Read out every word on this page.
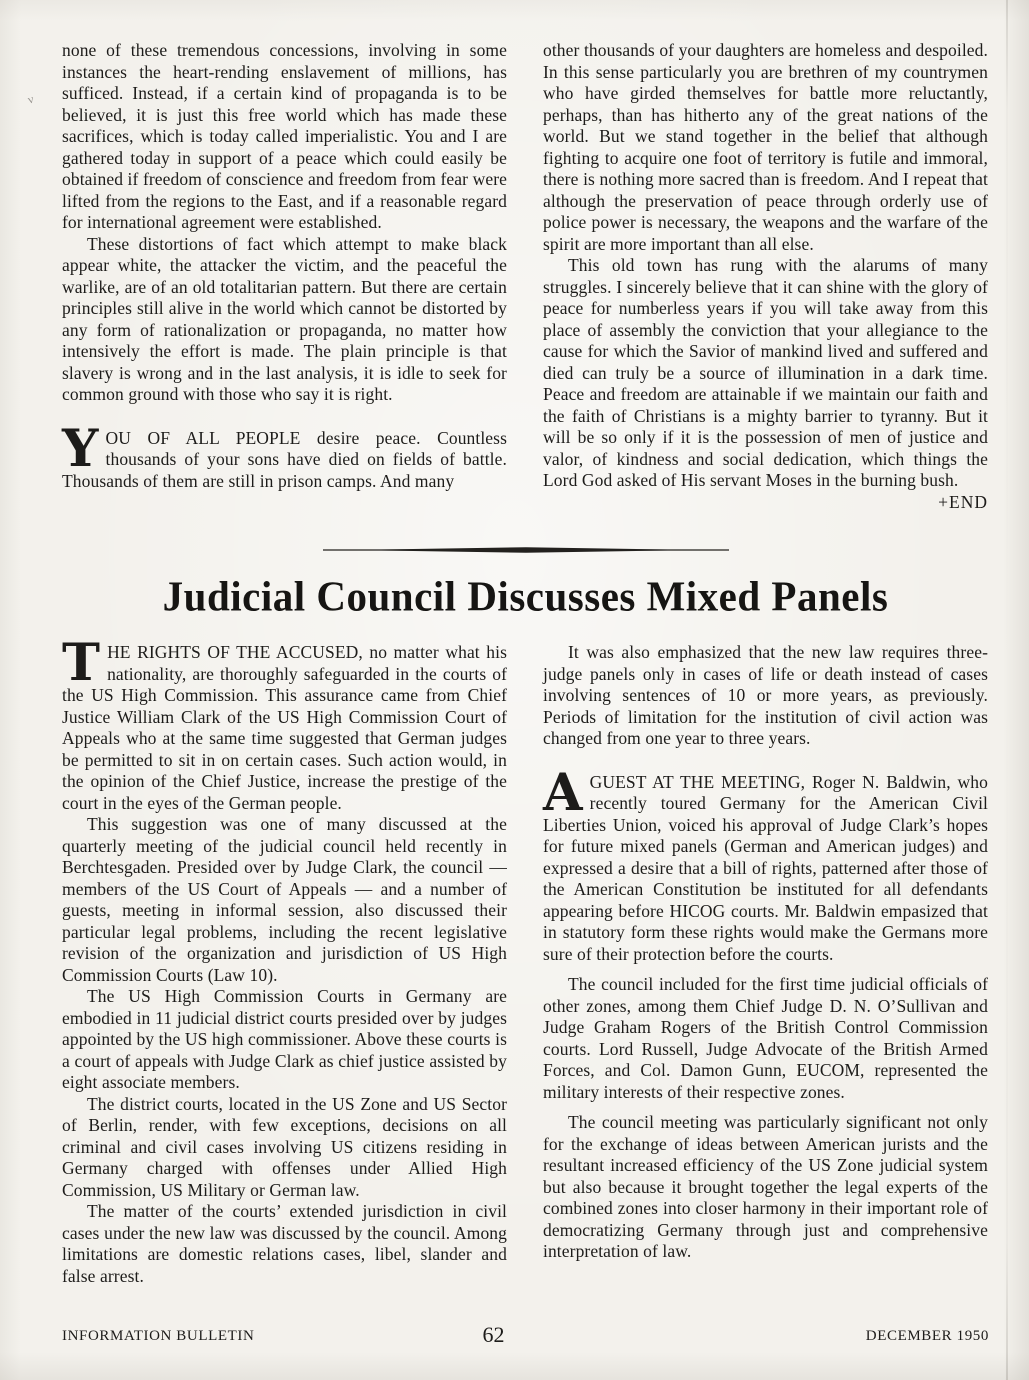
ν

none of these tremendous concessions, involving in some instances the heart-rending enslavement of millions, has sufficed. Instead, if a certain kind of propaganda is to be believed, it is just this free world which has made these sacrifices, which is today called imperialistic. You and I are gathered today in support of a peace which could easily be obtained if freedom of conscience and freedom from fear were lifted from the regions to the East, and if a reasonable regard for international agreement were established.

These distortions of fact which attempt to make black appear white, the attacker the victim, and the peaceful the warlike, are of an old totalitarian pattern. But there are certain principles still alive in the world which cannot be distorted by any form of rationalization or propaganda, no matter how intensively the effort is made. The plain principle is that slavery is wrong and in the last analysis, it is idle to seek for common ground with those who say it is right.

YOU OF ALL PEOPLE desire peace. Countless thousands of your sons have died on fields of battle. Thousands of them are still in prison camps. And many

other thousands of your daughters are homeless and despoiled. In this sense particularly you are brethren of my countrymen who have girded themselves for battle more reluctantly, perhaps, than has hitherto any of the great nations of the world. But we stand together in the belief that although fighting to acquire one foot of territory is futile and immoral, there is nothing more sacred than is freedom. And I repeat that although the preservation of peace through orderly use of police power is necessary, the weapons and the warfare of the spirit are more important than all else.

This old town has rung with the alarums of many struggles. I sincerely believe that it can shine with the glory of peace for numberless years if you will take away from this place of assembly the conviction that your allegiance to the cause for which the Savior of mankind lived and suffered and died can truly be a source of illumination in a dark time. Peace and freedom are attainable if we maintain our faith and the faith of Christians is a mighty barrier to tyranny. But it will be so only if it is the possession of men of justice and valor, of kindness and social dedication, which things the Lord God asked of His servant Moses in the burning bush.
+END

Judicial Council Discusses Mixed Panels

THE RIGHTS OF THE ACCUSED, no matter what his nationality, are thoroughly safeguarded in the courts of the US High Commission. This assurance came from Chief Justice William Clark of the US High Commission Court of Appeals who at the same time suggested that German judges be permitted to sit in on certain cases. Such action would, in the opinion of the Chief Justice, increase the prestige of the court in the eyes of the German people.

This suggestion was one of many discussed at the quarterly meeting of the judicial council held recently in Berchtesgaden. Presided over by Judge Clark, the council — members of the US Court of Appeals — and a number of guests, meeting in informal session, also discussed their particular legal problems, including the recent legislative revision of the organization and jurisdiction of US High Commission Courts (Law 10).

The US High Commission Courts in Germany are embodied in 11 judicial district courts presided over by judges appointed by the US high commissioner. Above these courts is a court of appeals with Judge Clark as chief justice assisted by eight associate members.

The district courts, located in the US Zone and US Sector of Berlin, render, with few exceptions, decisions on all criminal and civil cases involving US citizens residing in Germany charged with offenses under Allied High Commission, US Military or German law.

The matter of the courts’ extended jurisdiction in civil cases under the new law was discussed by the council. Among limitations are domestic relations cases, libel, slander and false arrest.

It was also emphasized that the new law requires three-judge panels only in cases of life or death instead of cases involving sentences of 10 or more years, as previously. Periods of limitation for the institution of civil action was changed from one year to three years.

AGUEST AT THE MEETING, Roger N. Baldwin, who recently toured Germany for the American Civil Liberties Union, voiced his approval of Judge Clark’s hopes for future mixed panels (German and American judges) and expressed a desire that a bill of rights, patterned after those of the American Constitution be instituted for all defendants appearing before HICOG courts. Mr. Baldwin empasized that in statutory form these rights would make the Germans more sure of their protection before the courts.

The council included for the first time judicial officials of other zones, among them Chief Judge D. N. O’Sullivan and Judge Graham Rogers of the British Control Commission courts. Lord Russell, Judge Advocate of the British Armed Forces, and Col. Damon Gunn, EUCOM, represented the military interests of their respective zones.

The council meeting was particularly significant not only for the exchange of ideas between American jurists and the resultant increased efficiency of the US Zone judicial system but also because it brought together the legal experts of the combined zones into closer harmony in their important role of democratizing Germany through just and comprehensive interpretation of law.

INFORMATION BULLETIN	62	DECEMBER 1950
